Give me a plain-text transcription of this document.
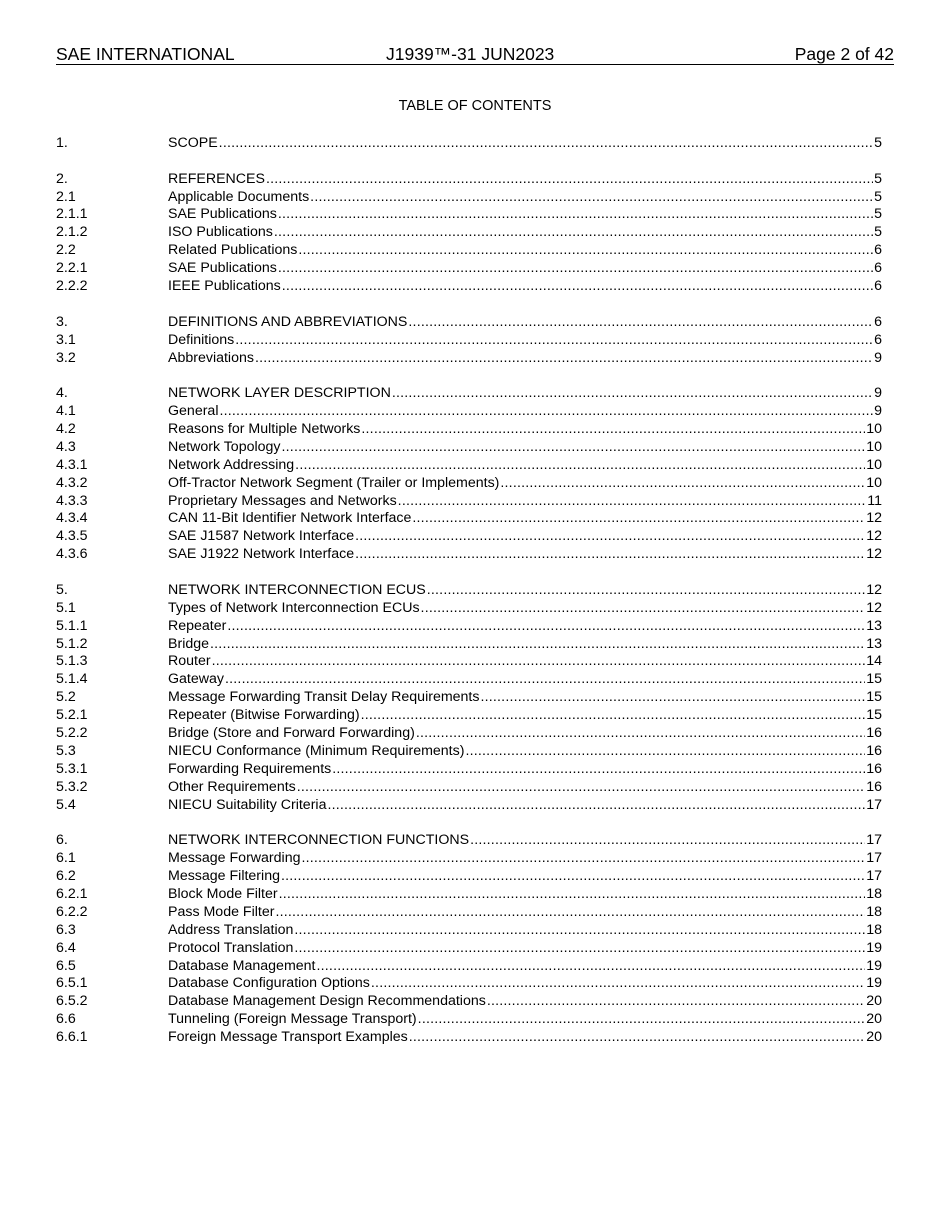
SAE INTERNATIONAL	J1939™-31 JUN2023	Page 2 of 42
TABLE OF CONTENTS
1.	SCOPE .....	5
2.	REFERENCES .....	5
2.1	Applicable Documents .....	5
2.1.1	SAE Publications .....	5
2.1.2	ISO Publications .....	5
2.2	Related Publications .....	6
2.2.1	SAE Publications .....	6
2.2.2	IEEE Publications .....	6
3.	DEFINITIONS AND ABBREVIATIONS .....	6
3.1	Definitions .....	6
3.2	Abbreviations .....	9
4.	NETWORK LAYER DESCRIPTION .....	9
4.1	General .....	9
4.2	Reasons for Multiple Networks .....	10
4.3	Network Topology .....	10
4.3.1	Network Addressing .....	10
4.3.2	Off-Tractor Network Segment (Trailer or Implements) .....	10
4.3.3	Proprietary Messages and Networks .....	11
4.3.4	CAN 11-Bit Identifier Network Interface .....	12
4.3.5	SAE J1587 Network Interface .....	12
4.3.6	SAE J1922 Network Interface .....	12
5.	NETWORK INTERCONNECTION ECUS .....	12
5.1	Types of Network Interconnection ECUs .....	12
5.1.1	Repeater .....	13
5.1.2	Bridge .....	13
5.1.3	Router .....	14
5.1.4	Gateway .....	15
5.2	Message Forwarding Transit Delay Requirements .....	15
5.2.1	Repeater (Bitwise Forwarding) .....	15
5.2.2	Bridge (Store and Forward Forwarding) .....	16
5.3	NIECU Conformance (Minimum Requirements) .....	16
5.3.1	Forwarding Requirements .....	16
5.3.2	Other Requirements .....	16
5.4	NIECU Suitability Criteria .....	17
6.	NETWORK INTERCONNECTION FUNCTIONS .....	17
6.1	Message Forwarding .....	17
6.2	Message Filtering .....	17
6.2.1	Block Mode Filter .....	18
6.2.2	Pass Mode Filter .....	18
6.3	Address Translation .....	18
6.4	Protocol Translation .....	19
6.5	Database Management .....	19
6.5.1	Database Configuration Options .....	19
6.5.2	Database Management Design Recommendations .....	20
6.6	Tunneling (Foreign Message Transport) .....	20
6.6.1	Foreign Message Transport Examples .....	20
